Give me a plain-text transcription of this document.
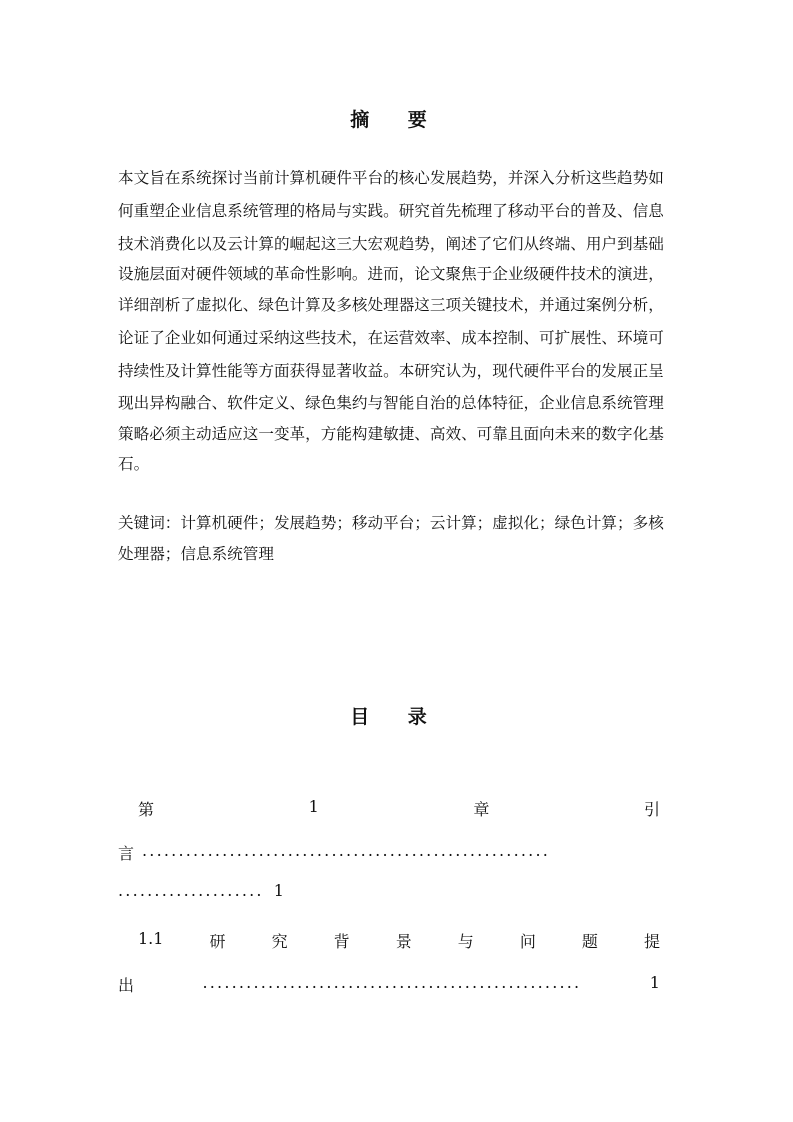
摘 要
本文旨在系统探讨当前计算机硬件平台的核心发展趋势，并深入分析这些趋势如
何重塑企业信息系统管理的格局与实践。研究首先梳理了移动平台的普及、信息
技术消费化以及云计算的崛起这三大宏观趋势，阐述了它们从终端、用户到基础
设施层面对硬件领域的革命性影响。进而，论文聚焦于企业级硬件技术的演进，
详细剖析了虚拟化、绿色计算及多核处理器这三项关键技术，并通过案例分析，
论证了企业如何通过采纳这些技术，在运营效率、成本控制、可扩展性、环境可
持续性及计算性能等方面获得显著收益。本研究认为，现代硬件平台的发展正呈
现出异构融合、软件定义、绿色集约与智能自治的总体特征，企业信息系统管理
策略必须主动适应这一变革，方能构建敏捷、高效、可靠且面向未来的数字化基
石。
关键词：计算机硬件；发展趋势；移动平台；云计算；虚拟化；绿色计算；多核
处理器；信息系统管理
目 录
第	1	章	引
言 ........................................................
.................... 1
1.1	研	究	背	景	与	问	题	提
出	....................................................	1
